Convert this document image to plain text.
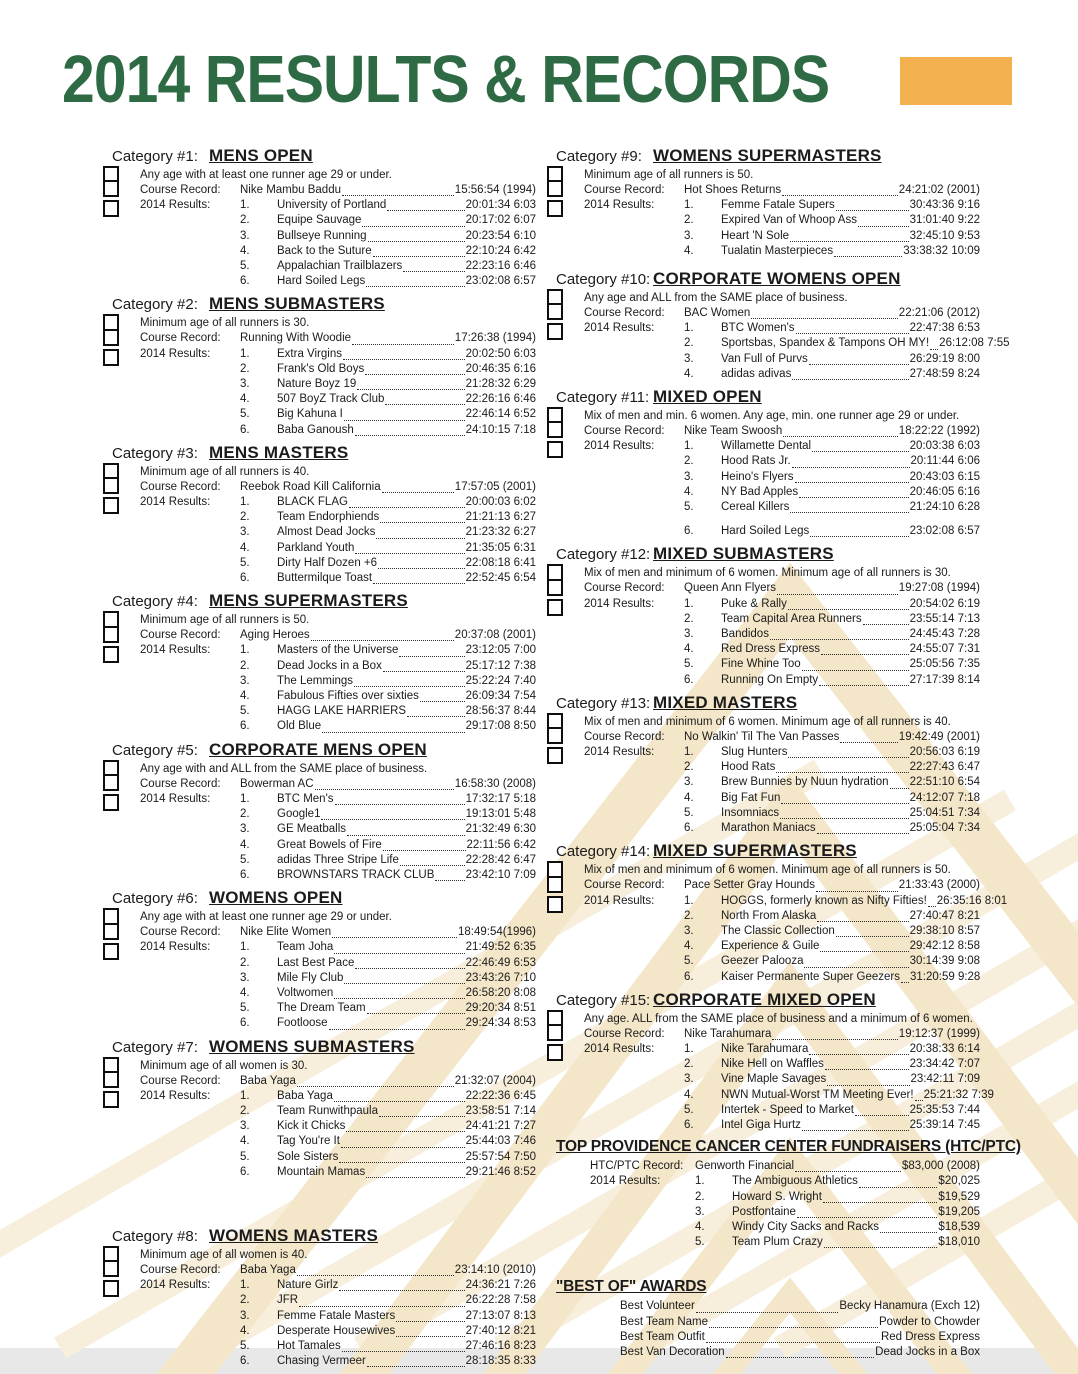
2014 RESULTS & RECORDS
Category #1: MENS OPEN
Any age with at least one runner age 29 or under.
Course Record:	Nike Mambu Baddu	15:56:54 (1994)
2014 Results:	1.	University of Portland	20:01:34 6:03
2.	Equipe Sauvage	20:17:02 6:07
3.	Bullseye Running	20:23:54 6:10
4.	Back to the Suture	22:10:24 6:42
5.	Appalachian Trailblazers	22:23:16 6:46
6.	Hard Soiled Legs	23:02:08 6:57
Category #2: MENS SUBMASTERS
Minimum age of all runners is 30.
Course Record:	Running With Woodie	17:26:38 (1994)
2014 Results:	1.	Extra Virgins	20:02:50 6:03
2.	Frank's Old Boys	20:46:35 6:16
3.	Nature Boyz 19	21:28:32 6:29
4.	507 BoyZ Track Club	22:26:16 6:46
5.	Big Kahuna I	22:46:14 6:52
6.	Baba Ganoush	24:10:15 7:18
Category #3: MENS MASTERS
Minimum age of all runners is 40.
Course Record:	Reebok Road Kill California	17:57:05 (2001)
2014 Results:	1.	BLACK FLAG	20:00:03 6:02
2.	Team Endorphiends	21:21:13 6:27
3.	Almost Dead Jocks	21:23:32 6:27
4.	Parkland Youth	21:35:05 6:31
5.	Dirty Half Dozen +6	22:08:18 6:41
6.	Buttermilque Toast	22:52:45 6:54
Category #4: MENS SUPERMASTERS
Minimum age of all runners is 50.
Course Record:	Aging Heroes	20:37:08 (2001)
2014 Results:	1.	Masters of the Universe	23:12:05 7:00
2.	Dead Jocks in a Box	25:17:12 7:38
3.	The Lemmings	25:22:24 7:40
4.	Fabulous Fifties over sixties	26:09:34 7:54
5.	HAGG LAKE HARRIERS	28:56:37 8:44
6.	Old Blue	29:17:08 8:50
Category #5: CORPORATE MENS OPEN
Any age with and ALL from the SAME place of business.
Course Record:	Bowerman AC	16:58:30 (2008)
2014 Results:	1.	BTC Men's	17:32:17 5:18
2.	Google1	19:13:01 5:48
3.	GE Meatballs	21:32:49 6:30
4.	Great Bowels of Fire	22:11:56 6:42
5.	adidas Three Stripe Life	22:28:42 6:47
6.	BROWNSTARS TRACK CLUB	23:42:10 7:09
Category #6: WOMENS OPEN
Any age with at least one runner age 29 or under.
Course Record:	Nike Elite Women	18:49:54(1996)
2014 Results:	1.	Team Joha	21:49:52 6:35
2.	Last Best Pace	22:46:49 6:53
3.	Mile Fly Club	23:43:26 7:10
4.	Voltwomen	26:58:20 8:08
5.	The Dream Team	29:20:34 8:51
6.	Footloose	29:24:34 8:53
Category #7: WOMENS SUBMASTERS
Minimum age of all women is 30.
Course Record:	Baba Yaga	21:32:07 (2004)
2014 Results:	1.	Baba Yaga	22:22:36 6:45
2.	Team Runwithpaula	23:58:51 7:14
3.	Kick it Chicks	24:41:21 7:27
4.	Tag You're It	25:44:03 7:46
5.	Sole Sisters	25:57:54 7:50
6.	Mountain Mamas	29:21:46 8:52
Category #8: WOMENS MASTERS
Minimum age of all women is 40.
Course Record:	Baba Yaga	23:14:10 (2010)
2014 Results:	1.	Nature Girlz	24:36:21 7:26
2.	JFR	26:22:28 7:58
3.	Femme Fatale Masters	27:13:07 8:13
4.	Desperate Housewives	27:40:12 8:21
5.	Hot Tamales	27:46:16 8:23
6.	Chasing Vermeer	28:18:35 8:33
Category #9: WOMENS SUPERMASTERS
Minimum age of all runners is 50.
Course Record:	Hot Shoes Returns	24:21:02 (2001)
2014 Results:	1.	Femme Fatale Supers	30:43:36 9:16
2.	Expired Van of Whoop Ass	31:01:40 9:22
3.	Heart 'N Sole	32:45:10 9:53
4.	Tualatin Masterpieces	33:38:32 10:09
Category #10: CORPORATE WOMENS OPEN
Any age and ALL from the SAME place of business.
Course Record:	BAC Women	22:21:06 (2012)
2014 Results:	1.	BTC Women's	22:47:38 6:53
2.	Sportsbas, Spandex & Tampons OH MY! 26:12:08 7:55
3.	Van Full of Purvs	26:29:19 8:00
4.	adidas adivas	27:48:59 8:24
Category #11: MIXED OPEN
Mix of men and min. 6 women. Any age, min. one runner age 29 or under.
Course Record:	Nike Team Swoosh	18:22:22 (1992)
2014 Results:	1.	Willamette Dental	20:03:38 6:03
2.	Hood Rats Jr.	20:11:44 6:06
3.	Heino's Flyers	20:43:03 6:15
4.	NY Bad Apples	20:46:05 6:16
5.	Cereal Killers	21:24:10 6:28
6.	Hard Soiled Legs	23:02:08 6:57
Category #12: MIXED SUBMASTERS
Mix of men and minimum of 6 women. Minimum age of all runners is 30.
Course Record:	Queen Ann Flyers	19:27:08 (1994)
2014 Results:	1.	Puke & Rally	20:54:02 6:19
2.	Team Capital Area Runners	23:55:14 7:13
3.	Bandidos	24:45:43 7:28
4.	Red Dress Express	24:55:07 7:31
5.	Fine Whine Too	25:05:56 7:35
6.	Running On Empty	27:17:39 8:14
Category #13: MIXED MASTERS
Mix of men and minimum of 6 women. Minimum age of all runners is 40.
Course Record:	No Walkin' Til The Van Passes	19:42:49 (2001)
2014 Results:	1.	Slug Hunters	20:56:03 6:19
2.	Hood Rats	22:27:43 6:47
3.	Brew Bunnies by Nuun hydration 22:51:10 6:54
4.	Big Fat Fun	24:12:07 7:18
5.	Insomniacs	25:04:51 7:34
6.	Marathon Maniacs	25:05:04 7:34
Category #14: MIXED SUPERMASTERS
Mix of men and minimum of 6 women. Minimum age of all runners is 50.
Course Record:	Pace Setter Gray Hounds	21:33:43 (2000)
2014 Results:	1.	HOGGS, formerly known as Nifty Fifties! 26:35:16 8:01
2.	North From Alaska	27:40:47 8:21
3.	The Classic Collection	29:38:10 8:57
4.	Experience & Guile	29:42:12 8:58
5.	Geezer Palooza	30:14:39 9:08
6.	Kaiser Permanente Super Geezers 31:20:59 9:28
Category #15: CORPORATE MIXED OPEN
Any age. ALL from the SAME place of business and a minimum of 6 women.
Course Record:	Nike Tarahumara	19:12:37 (1999)
2014 Results:	1.	Nike Tarahumara	20:38:33 6:14
2.	Nike Hell on Waffles	23:34:42 7:07
3.	Vine Maple Savages	23:42:11 7:09
4.	NWN Mutual-Worst TM Meeting Ever! 25:21:32 7:39
5.	Intertek - Speed to Market	25:35:53 7:44
6.	Intel Giga Hurtz	25:39:14 7:45
TOP PROVIDENCE CANCER CENTER FUNDRAISERS (HTC/PTC)
HTC/PTC Record:	Genworth Financial	$83,000 (2008)
2014 Results:	1.	The Ambiguous Athletics	$20,025
2.	Howard S. Wright	$19,529
3.	Postfontaine	$19,205
4.	Windy City Sacks and Racks	$18,539
5.	Team Plum Crazy	$18,010
"BEST OF" AWARDS
Best Volunteer	Becky Hanamura (Exch 12)
Best Team Name	Powder to Chowder
Best Team Outfit	Red Dress Express
Best Van Decoration	Dead Jocks in a Box
